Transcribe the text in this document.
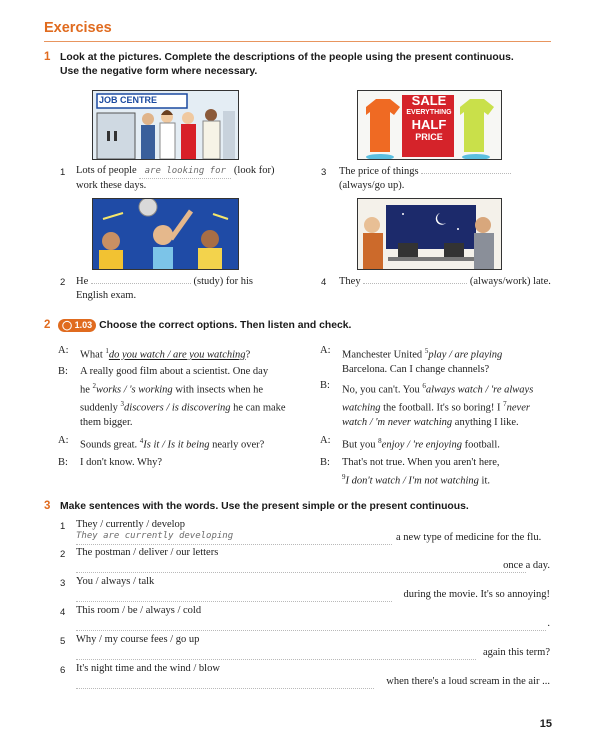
Exercises
1 Look at the pictures. Complete the descriptions of the people using the present continuous.
Use the negative form where necessary.
JOB CENTRE	SALE
EVERYTHING
HALF
PRICE
1 Lots of people are looking for (look for)
work these days.
3 The price of things
(always/go up).
2 He	(study) for his
English exam.
4 They	(always/work) late.
2	◯ 1.03 Choose the correct options. Then listen and check.
A:	What $^1$do you watch / are you watching?
B:	A really good film about a scientist. One day
he $^2$works / 's working with insects when he
suddenly $^3$discovers / is discovering he can make
them bigger.
A:	Sounds great. $^4$Is it / Is it being nearly over?
B:	I don't know. Why?
A:	Manchester United $^5$play / are playing
Barcelona. Can I change channels?
B:	No, you can't. You $^6$always watch / 're always
watching the football. It's so boring! I $^7$never
watch / 'm never watching anything I like.
A:	But you $^8$enjoy / 're enjoying football.
B:	That's not true. When you aren't here,
$^9$I don't watch / I'm not watching it.
3 Make sentences with the words. Use the present simple or the present continuous.
1 They / currently / develop
They are currently developing	a new type of medicine for the flu.
2 The postman / deliver / our letters
once a day.
3 You / always / talk
during the movie. It's so annoying!
4 This room / be / always / cold
.
5 Why / my course fees / go up
again this term?
6 It's night time and the wind / blow
when there's a loud scream in the air ...
15
